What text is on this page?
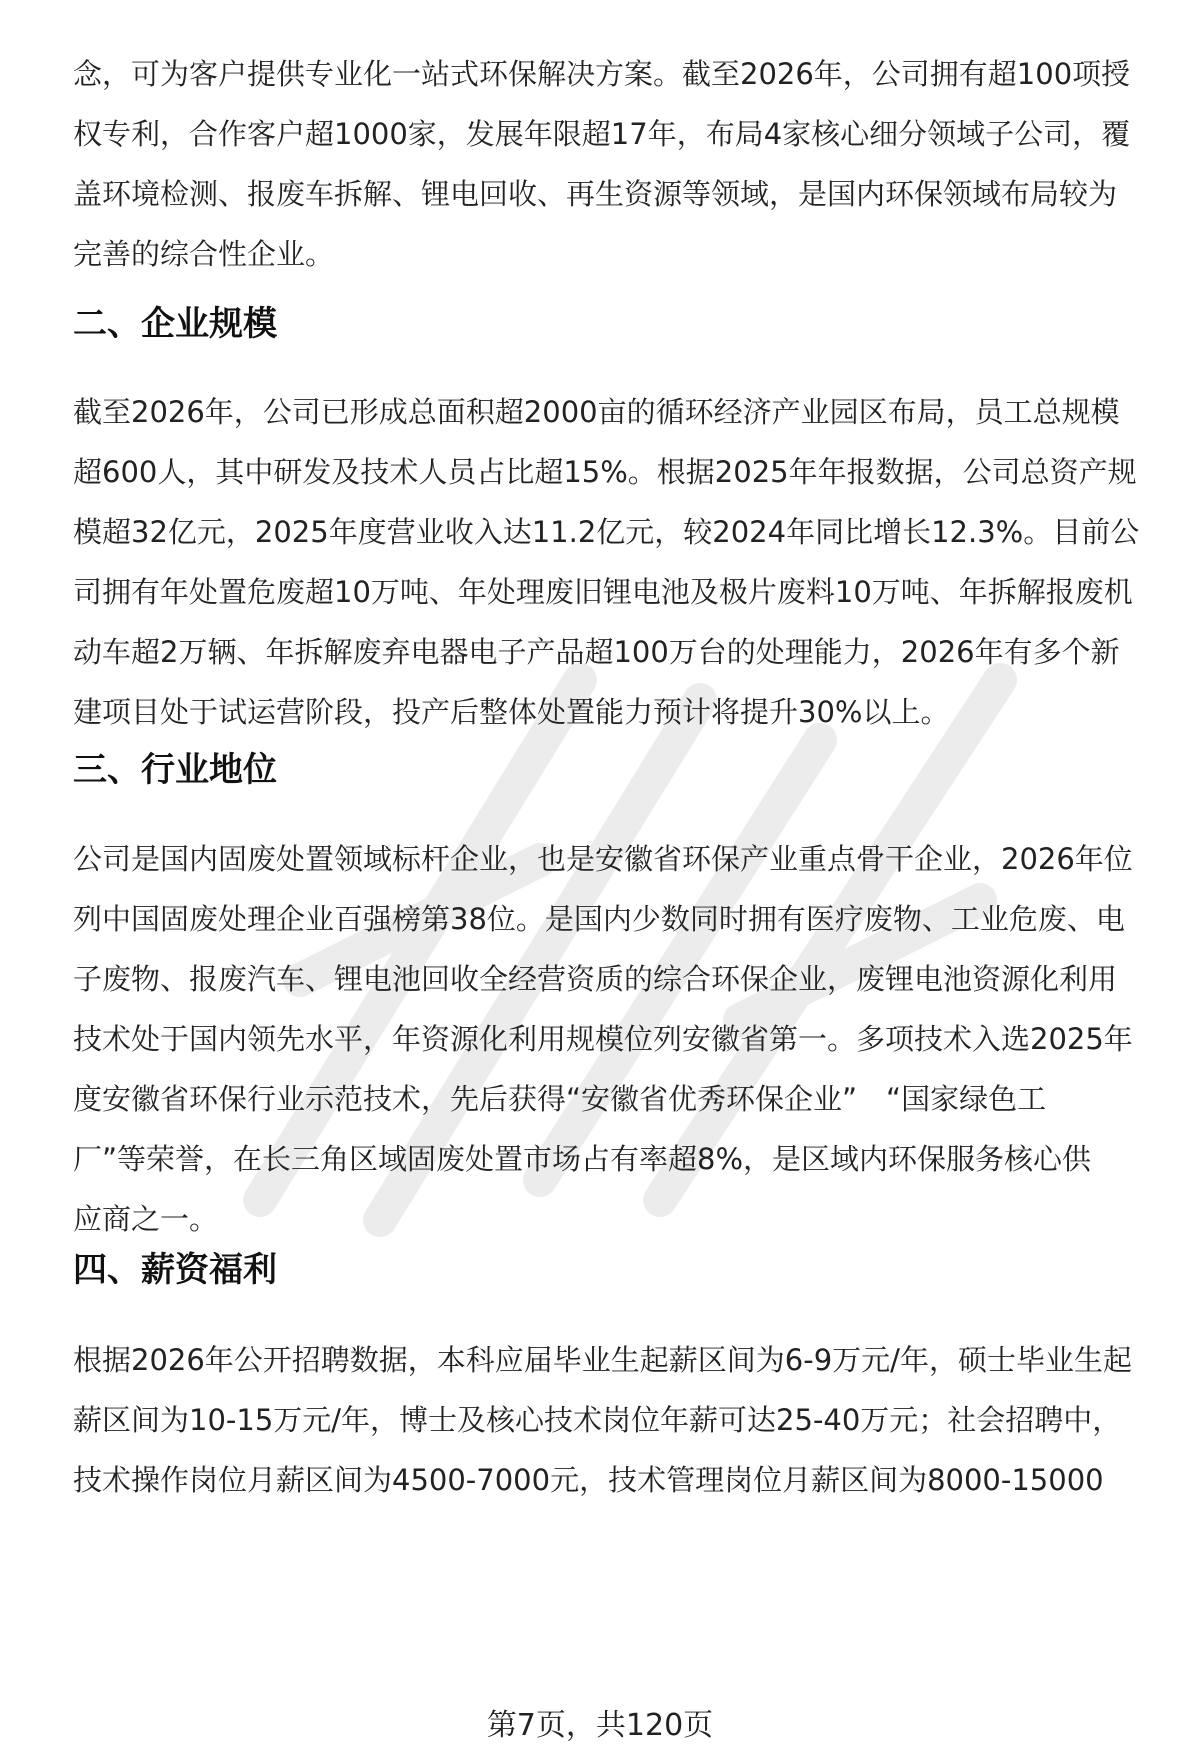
念，可为客户提供专业化一站式环保解决方案。截至2026年，公司拥有超100项授
权专利，合作客户超1000家，发展年限超17年，布局4家核心细分领域子公司，覆
盖环境检测、报废车拆解、锂电回收、再生资源等领域，是国内环保领域布局较为
完善的综合性企业。

二、企业规模

截至2026年，公司已形成总面积超2000亩的循环经济产业园区布局，员工总规模
超600人，其中研发及技术人员占比超15%。根据2025年年报数据，公司总资产规
模超32亿元，2025年度营业收入达11.2亿元，较2024年同比增长12.3%。目前公
司拥有年处置危废超10万吨、年处理废旧锂电池及极片废料10万吨、年拆解报废机
动车超2万辆、年拆解废弃电器电子产品超100万台的处理能力，2026年有多个新
建项目处于试运营阶段，投产后整体处置能力预计将提升30%以上。

三、行业地位

公司是国内固废处置领域标杆企业，也是安徽省环保产业重点骨干企业，2026年位
列中国固废处理企业百强榜第38位。是国内少数同时拥有医疗废物、工业危废、电
子废物、报废汽车、锂电池回收全经营资质的综合环保企业，废锂电池资源化利用
技术处于国内领先水平，年资源化利用规模位列安徽省第一。多项技术入选2025年
度安徽省环保行业示范技术，先后获得“安徽省优秀环保企业”　“国家绿色工
厂”等荣誉，在长三角区域固废处置市场占有率超8%，是区域内环保服务核心供
应商之一。

四、薪资福利

根据2026年公开招聘数据，本科应届毕业生起薪区间为6-9万元/年，硕士毕业生起
薪区间为10-15万元/年，博士及核心技术岗位年薪可达25-40万元；社会招聘中，
技术操作岗位月薪区间为4500-7000元，技术管理岗位月薪区间为8000-15000

第7页，共120页
